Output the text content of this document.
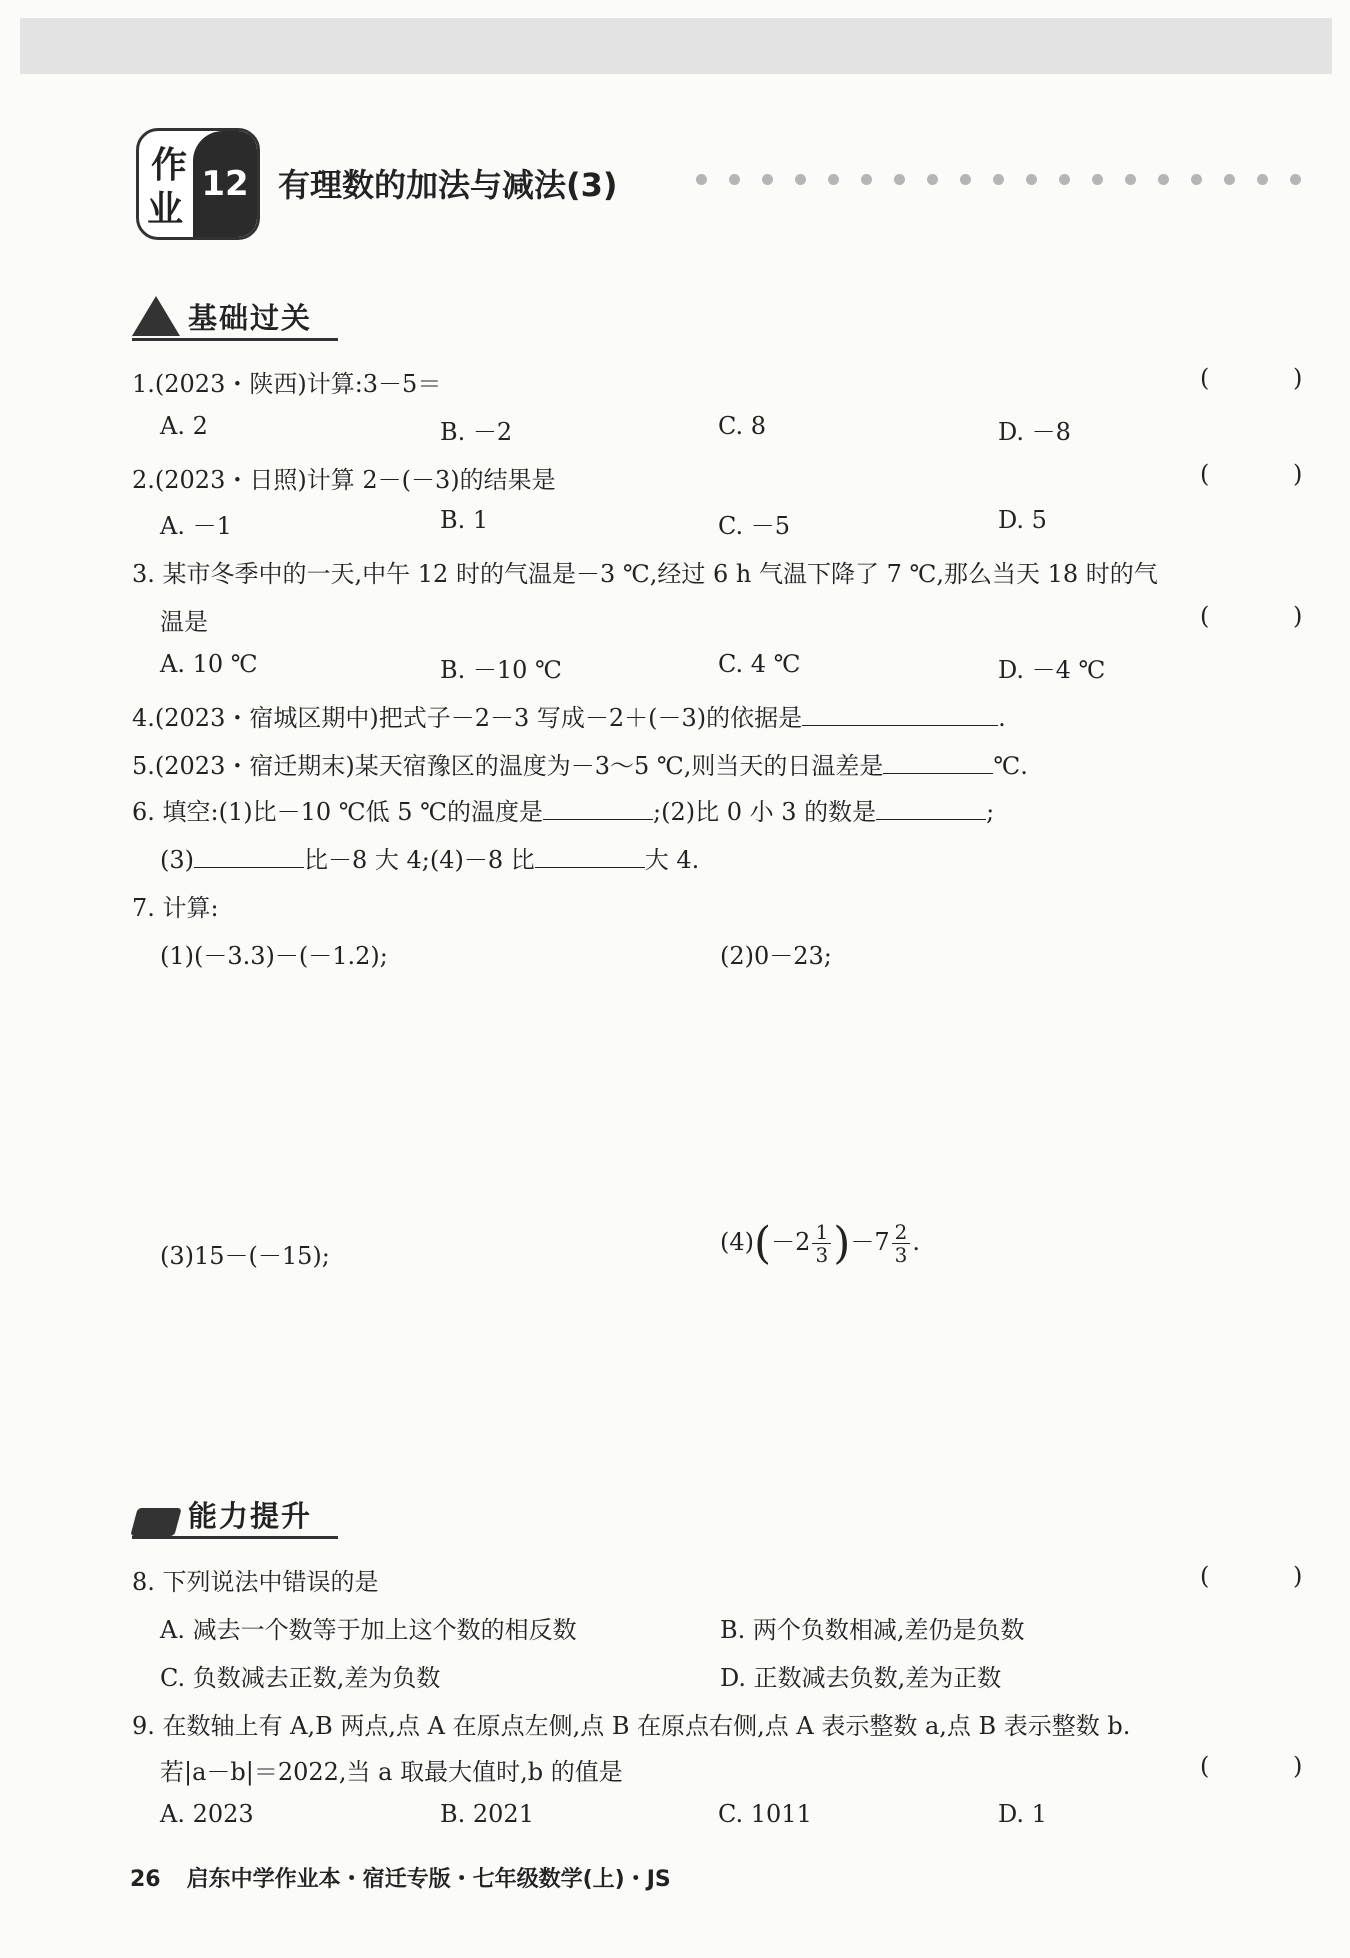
作
业
12 有理数的加法与减法(3)
基础过关
1.(2023・陕西)计算:3－5＝	( )
A. 2	B. －2	C. 8	D. －8
2.(2023・日照)计算 2－(－3)的结果是	( )
A. －1	B. 1	C. －5	D. 5
3. 某市冬季中的一天,中午 12 时的气温是－3 ℃,经过 6 h 气温下降了 7 ℃,那么当天 18 时的气
温是	( )
A. 10 ℃	B. －10 ℃	C. 4 ℃	D. －4 ℃
4.(2023・宿城区期中)把式子－2－3 写成－2＋(－3)的依据是	.
5.(2023・宿迁期末)某天宿豫区的温度为－3～5 ℃,则当天的日温差是	℃.
6. 填空:(1)比－10 ℃低 5 ℃的温度是	;(2)比 0 小 3 的数是	;
(3)	比－8 大 4;(4)－8 比	大 4.
7. 计算:
(1)(－3.3)－(－1.2);	(2)0－23;
(3)15－(－15);	$(4)(-2 \frac{1}{3} )-7 \frac{2}{3}$ .
能力提升
8. 下列说法中错误的是	( )
A. 减去一个数等于加上这个数的相反数	B. 两个负数相减,差仍是负数
C. 负数减去正数,差为负数	D. 正数减去负数,差为正数
9. 在数轴上有 A,B 两点,点 A 在原点左侧,点 B 在原点右侧,点 A 表示整数 a,点 B 表示整数 b.
若|a－b|＝2022,当 a 取最大值时,b 的值是	( )
A. 2023	B. 2021	C. 1011	D. 1
26 启东中学作业本・宿迁专版・七年级数学(上)・JS
